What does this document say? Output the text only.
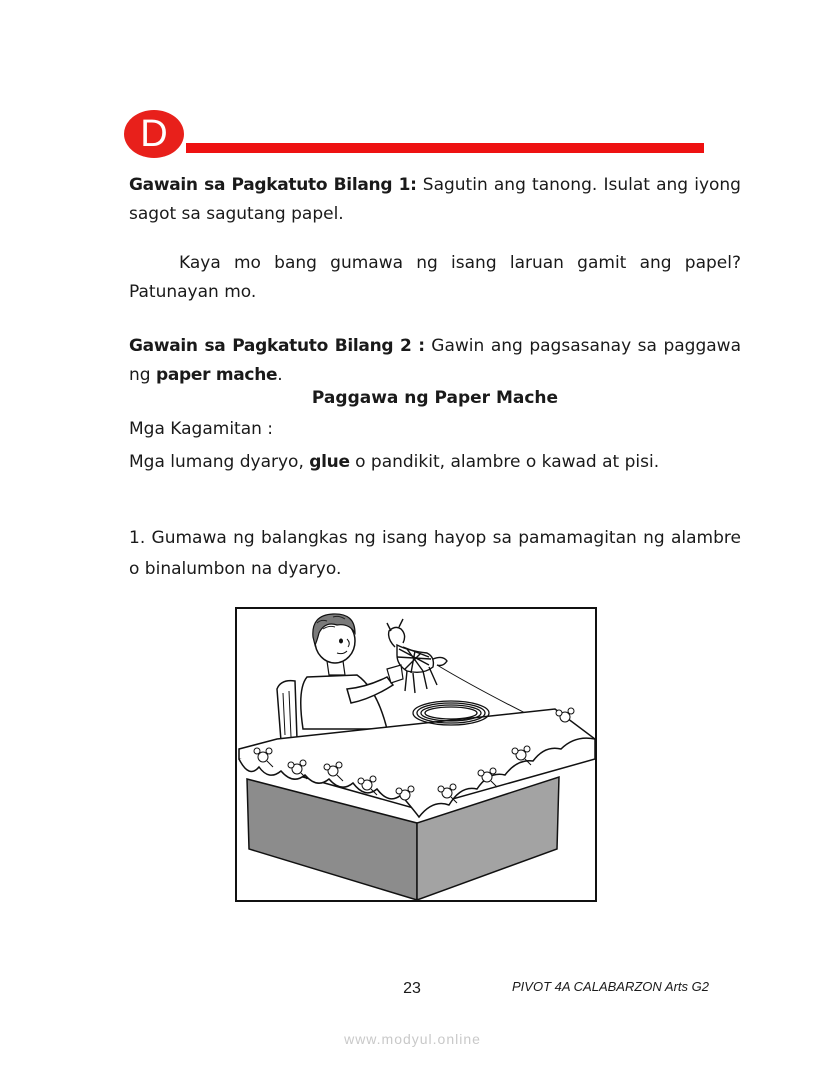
D

Gawain sa Pagkatuto Bilang 1: Sagutin ang tanong. Isulat ang iyong sagot sa sagutang papel.

Kaya mo bang gumawa ng isang laruan gamit ang papel? Patunayan mo.

Gawain sa Pagkatuto Bilang 2 : Gawin ang pagsasanay sa paggawa ng paper mache.

Paggawa ng Paper Mache

Mga Kagamitan :

Mga lumang dyaryo, glue o pandikit, alambre o kawad at pisi.

1. Gumawa ng balangkas ng isang hayop sa pamamagitan ng alambre o binalumbon na dyaryo.

23	PIVOT 4A CALABARZON Arts G2
www.modyul.online
